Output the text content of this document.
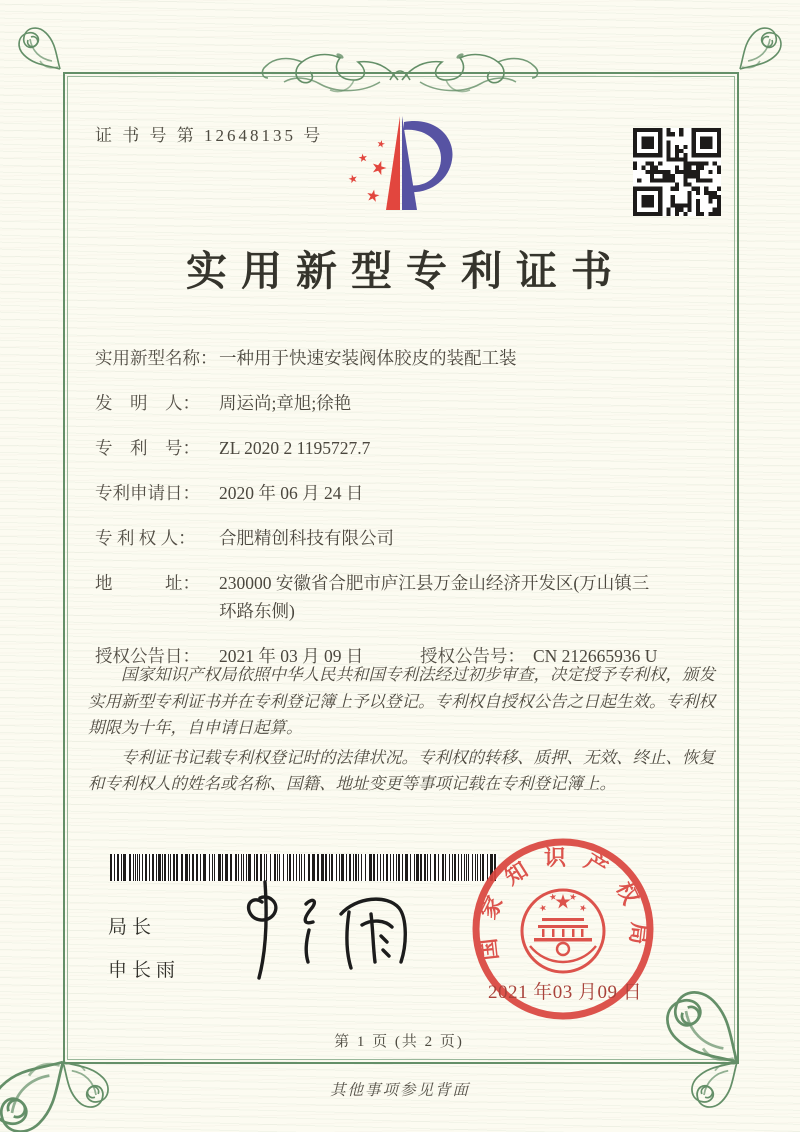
证 书 号 第 12648135 号
实用新型专利证书
实用新型名称： 一种用于快速安装阀体胶皮的装配工装
发　明　人：	周运尚;章旭;徐艳
专　利　号：	ZL 2020 2 1195727.7
专利申请日：	2020 年 06 月 24 日
专 利 权 人：	合肥精创科技有限公司
地　　　址：	230000 安徽省合肥市庐江县万金山经济开发区(万山镇三环路东侧)
授权公告日：	2021 年 03 月 09 日	授权公告号： CN 212665936 U

国家知识产权局依照中华人民共和国专利法经过初步审查，决定授予专利权，颁发实用新型专利证书并在专利登记簿上予以登记。专利权自授权公告之日起生效。专利权期限为十年，自申请日起算。

专利证书记载专利权登记时的法律状况。专利权的转移、质押、无效、终止、恢复和专利权人的姓名或名称、国籍、地址变更等事项记载在专利登记簿上。

局长
申长雨
国家知识产权局
2021 年03 月09 日
第 1 页 (共 2 页)
其他事项参见背面
